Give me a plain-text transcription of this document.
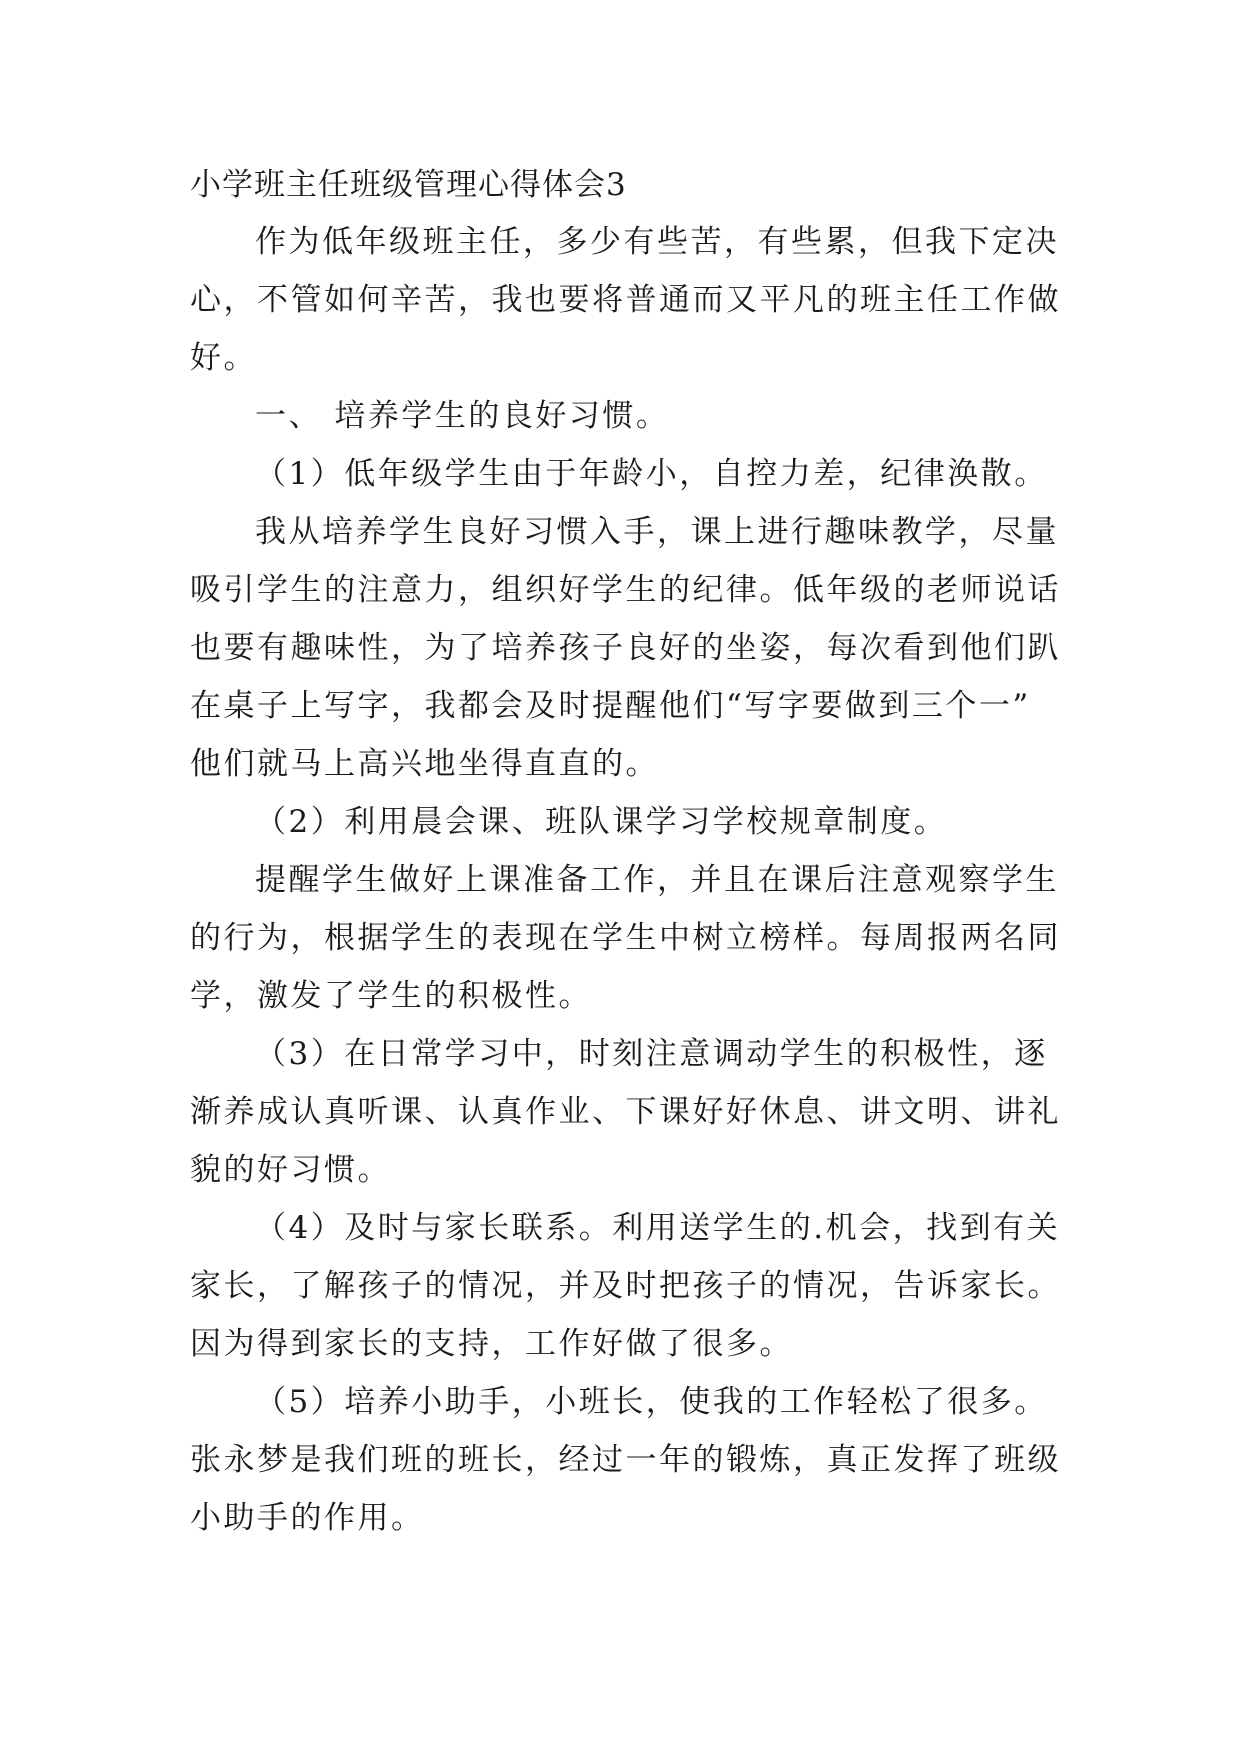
小学班主任班级管理心得体会3
作为低年级班主任，多少有些苦，有些累，但我下定决
心，不管如何辛苦，我也要将普通而又平凡的班主任工作做
好。
一、 培养学生的良好习惯。
（1）低年级学生由于年龄小，自控力差，纪律涣散。
我从培养学生良好习惯入手，课上进行趣味教学，尽量
吸引学生的注意力，组织好学生的纪律。低年级的老师说话
也要有趣味性，为了培养孩子良好的坐姿，每次看到他们趴
在桌子上写字，我都会及时提醒他们“写字要做到三个一”
他们就马上高兴地坐得直直的。
（2）利用晨会课、班队课学习学校规章制度。
提醒学生做好上课准备工作，并且在课后注意观察学生
的行为，根据学生的表现在学生中树立榜样。每周报两名同
学，激发了学生的积极性。
（3）在日常学习中，时刻注意调动学生的积极性，逐
渐养成认真听课、认真作业、下课好好休息、讲文明、讲礼
貌的好习惯。
（4）及时与家长联系。利用送学生的.机会，找到有关
家长，了解孩子的情况，并及时把孩子的情况，告诉家长。
因为得到家长的支持，工作好做了很多。
（5）培养小助手，小班长，使我的工作轻松了很多。
张永梦是我们班的班长，经过一年的锻炼，真正发挥了班级
小助手的作用。
